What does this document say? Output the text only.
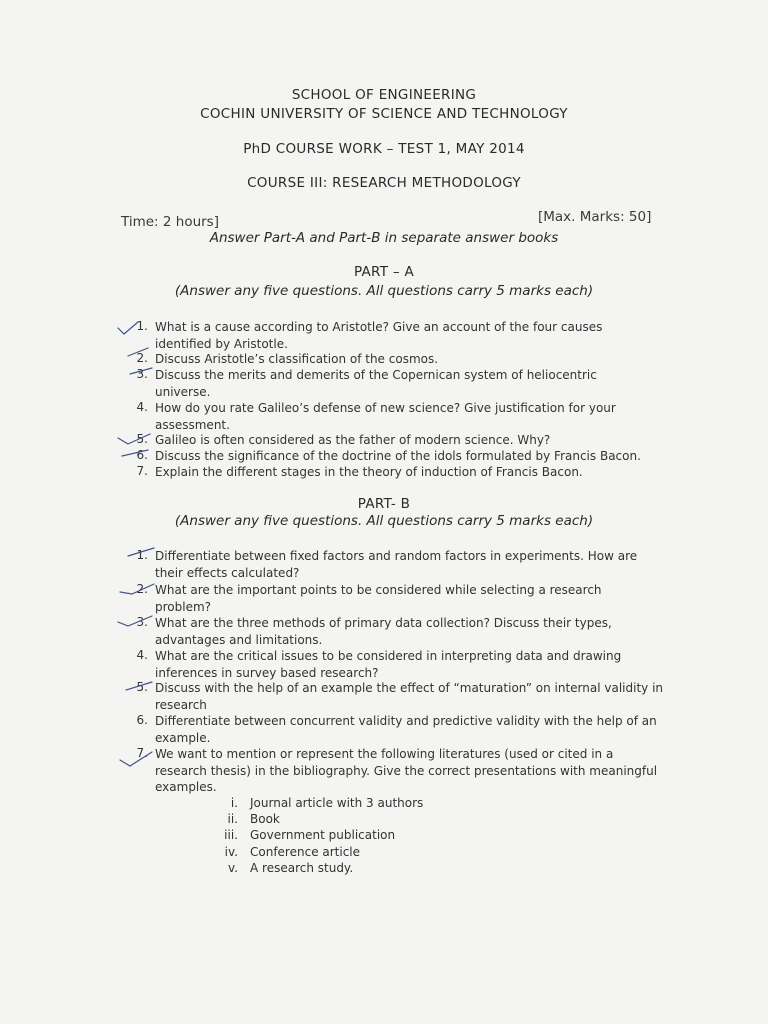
SCHOOL OF ENGINEERING
COCHIN UNIVERSITY OF SCIENCE AND TECHNOLOGY
PhD COURSE WORK – TEST 1, MAY 2014
COURSE III: RESEARCH METHODOLOGY
Time: 2 hours]	[Max. Marks: 50]
Answer Part-A and Part-B in separate answer books
PART – A
(Answer any five questions. All questions carry 5 marks each)
1. What is a cause according to Aristotle? Give an account of the four causes
identified by Aristotle.
2. Discuss Aristotle’s classification of the cosmos.
3. Discuss the merits and demerits of the Copernican system of heliocentric
universe.
4. How do you rate Galileo’s defense of new science? Give justification for your
assessment.
5. Galileo is often considered as the father of modern science. Why?
6. Discuss the significance of the doctrine of the idols formulated by Francis Bacon.
7. Explain the different stages in the theory of induction of Francis Bacon.
PART- B
(Answer any five questions. All questions carry 5 marks each)
1. Differentiate between fixed factors and random factors in experiments. How are
their effects calculated?
2. What are the important points to be considered while selecting a research
problem?
3. What are the three methods of primary data collection? Discuss their types,
advantages and limitations.
4. What are the critical issues to be considered in interpreting data and drawing
inferences in survey based research?
5. Discuss with the help of an example the effect of “maturation” on internal validity in
research
6. Differentiate between concurrent validity and predictive validity with the help of an
example.
7. We want to mention or represent the following literatures (used or cited in a
research thesis) in the bibliography. Give the correct presentations with meaningful
examples.
i. Journal article with 3 authors
ii. Book
iii. Government publication
iv. Conference article
v. A research study.
